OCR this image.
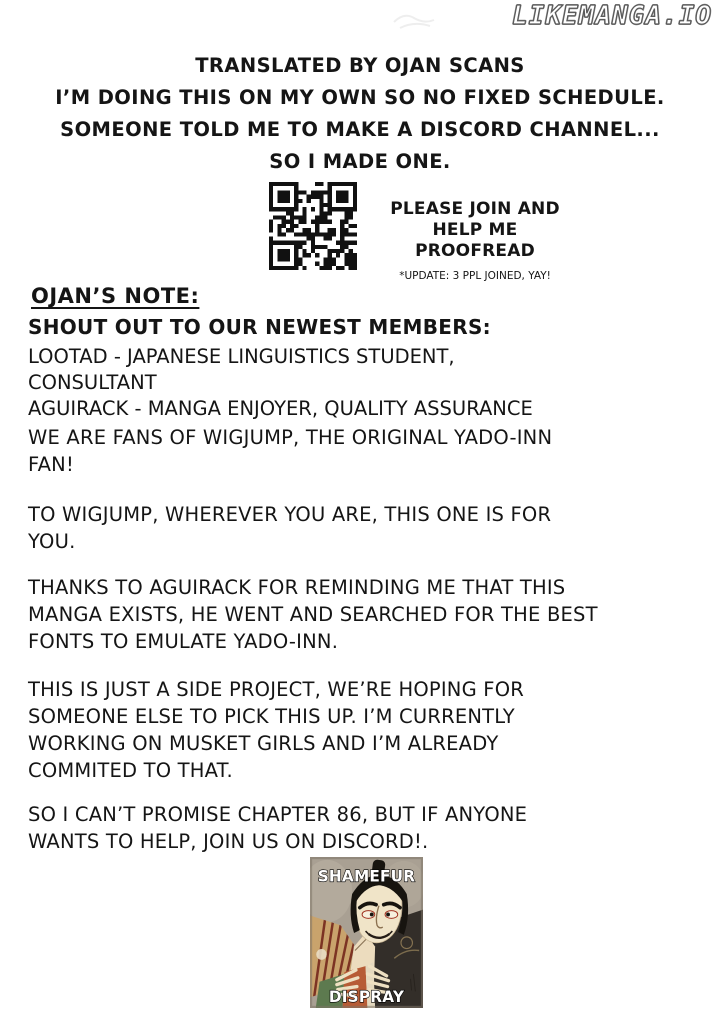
LIKEMANGA.IO
TRANSLATED BY OJAN SCANS
I’M DOING THIS ON MY OWN SO NO FIXED SCHEDULE.
SOMEONE TOLD ME TO MAKE A DISCORD CHANNEL...
SO I MADE ONE.
PLEASE JOIN AND
HELP ME PROOFREAD
*UPDATE: 3 PPL JOINED, YAY!
OJAN’S NOTE:
SHOUT OUT TO OUR NEWEST MEMBERS:
LOOTAD - JAPANESE LINGUISTICS STUDENT,
CONSULTANT
AGUIRACK - MANGA ENJOYER, QUALITY ASSURANCE
WE ARE FANS OF WIGJUMP, THE ORIGINAL YADO-INN
FAN!
TO WIGJUMP, WHEREVER YOU ARE, THIS ONE IS FOR
YOU.
THANKS TO AGUIRACK FOR REMINDING ME THAT THIS
MANGA EXISTS, HE WENT AND SEARCHED FOR THE BEST
FONTS TO EMULATE YADO-INN.
THIS IS JUST A SIDE PROJECT, WE’RE HOPING FOR
SOMEONE ELSE TO PICK THIS UP. I’M CURRENTLY
WORKING ON MUSKET GIRLS AND I’M ALREADY
COMMITED TO THAT.
SO I CAN’T PROMISE CHAPTER 86, BUT IF ANYONE
WANTS TO HELP, JOIN US ON DISCORD!.
SHAMEFUR
DISPRAY
